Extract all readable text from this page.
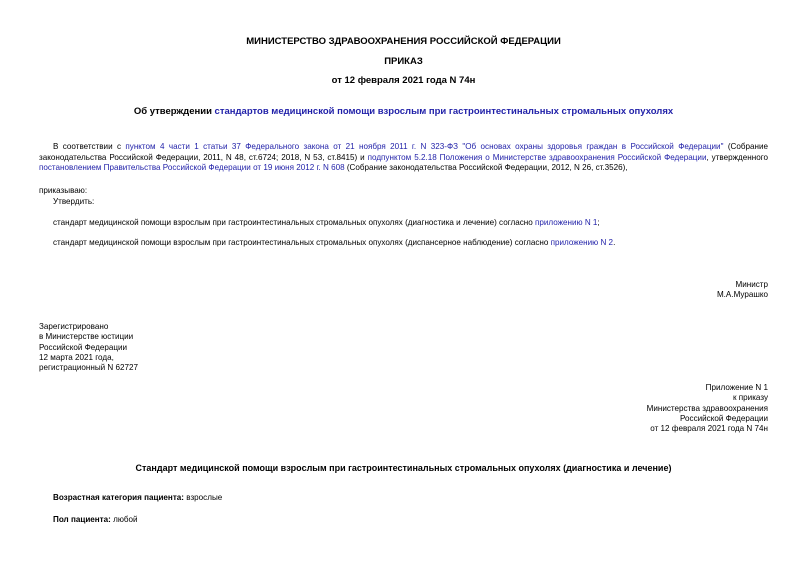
МИНИСТЕРСТВО ЗДРАВООХРАНЕНИЯ РОССИЙСКОЙ ФЕДЕРАЦИИ
ПРИКАЗ
от 12 февраля 2021 года N 74н
Об утверждении стандартов медицинской помощи взрослым при гастроинтестинальных стромальных опухолях
В соответствии с пунктом 4 части 1 статьи 37 Федерального закона от 21 ноября 2011 г. N 323-ФЗ "Об основах охраны здоровья граждан в Российской Федерации" (Собрание законодательства Российской Федерации, 2011, N 48, ст.6724; 2018, N 53, ст.8415) и подпунктом 5.2.18 Положения о Министерстве здравоохранения Российской Федерации, утвержденного постановлением Правительства Российской Федерации от 19 июня 2012 г. N 608 (Собрание законодательства Российской Федерации, 2012, N 26, ст.3526),
приказываю:
Утвердить:
стандарт медицинской помощи взрослым при гастроинтестинальных стромальных опухолях (диагностика и лечение) согласно приложению N 1;
стандарт медицинской помощи взрослым при гастроинтестинальных стромальных опухолях (диспансерное наблюдение) согласно приложению N 2.
Министр
М.А.Мурашко
Зарегистрировано
в Министерстве юстиции
Российской Федерации
12 марта 2021 года,
регистрационный N 62727
Приложение N 1
к приказу
Министерства здравоохранения
Российской Федерации
от 12 февраля 2021 года N 74н
Стандарт медицинской помощи взрослым при гастроинтестинальных стромальных опухолях (диагностика и лечение)
Возрастная категория пациента: взрослые
Пол пациента: любой
